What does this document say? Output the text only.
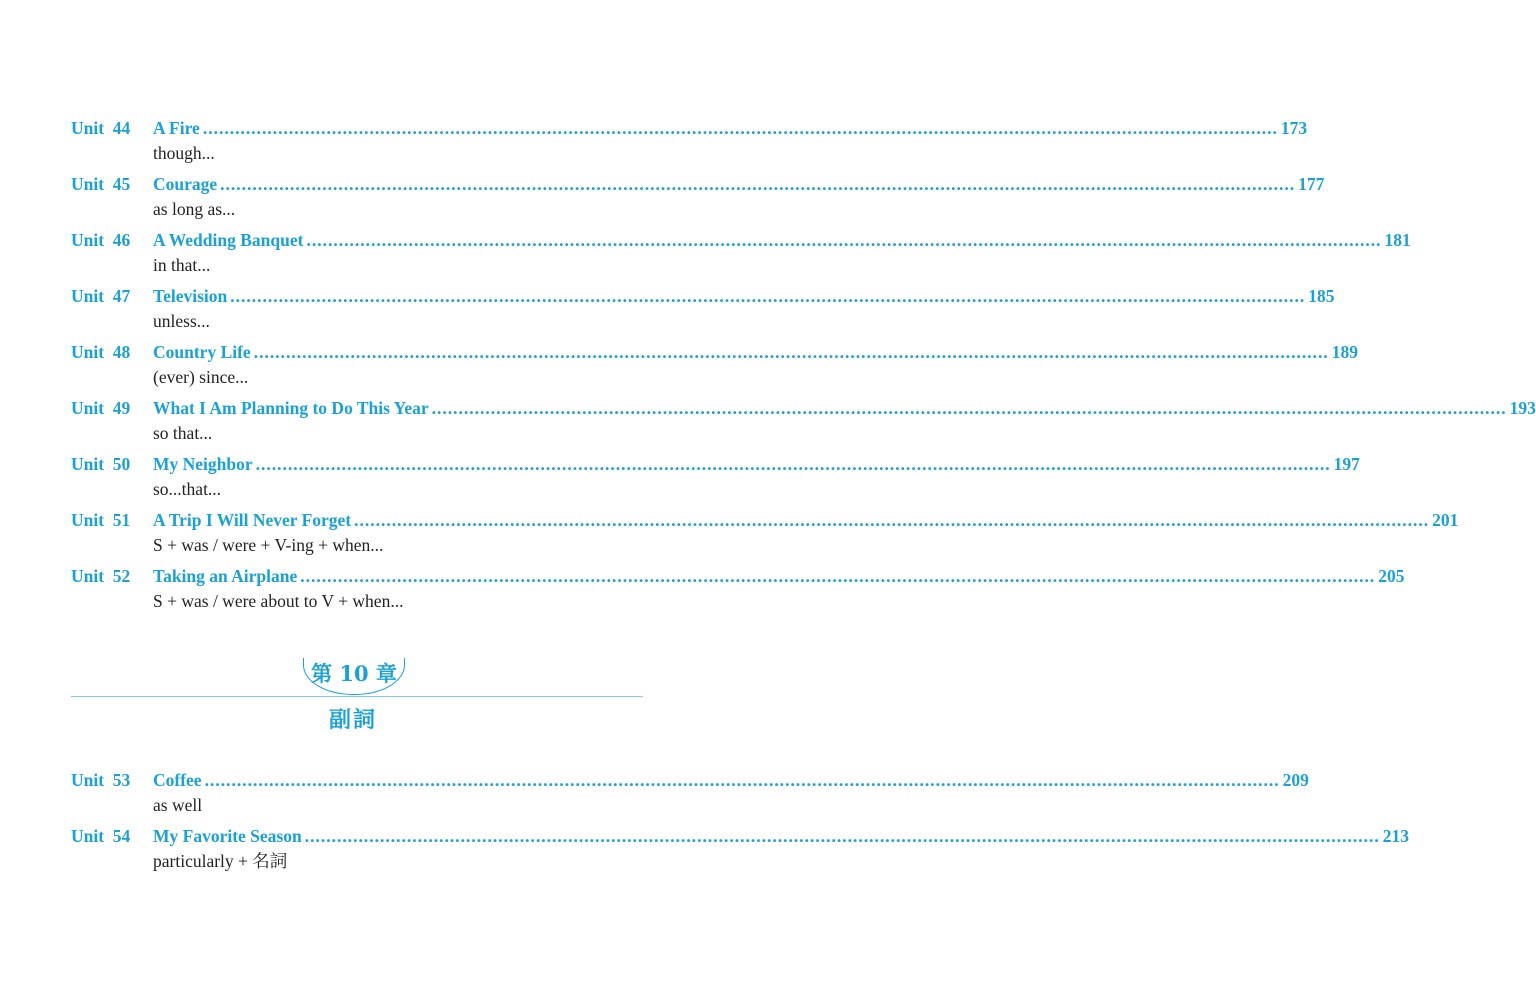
Unit  44	A Fire ........................................................................................................................................................................................................ 173
though...
Unit  45	Courage ........................................................................................................................................................................................................ 177
as long as...
Unit  46	A Wedding Banquet ........................................................................................................................................................................................................ 181
in that...
Unit  47	Television ........................................................................................................................................................................................................ 185
unless...
Unit  48	Country Life ........................................................................................................................................................................................................ 189
(ever) since...
Unit  49	What I Am Planning to Do This Year ........................................................................................................................................................................................................ 193
so that...
Unit  50	My Neighbor ........................................................................................................................................................................................................ 197
so...that...
Unit  51	A Trip I Will Never Forget ........................................................................................................................................................................................................ 201
S + was / were + V-ing + when...
Unit  52	Taking an Airplane ........................................................................................................................................................................................................ 205
S + was / were about to V + when...
第 10 章
副詞
Unit  53	Coffee ........................................................................................................................................................................................................ 209
as well
Unit  54	My Favorite Season ........................................................................................................................................................................................................ 213
particularly + 名詞
